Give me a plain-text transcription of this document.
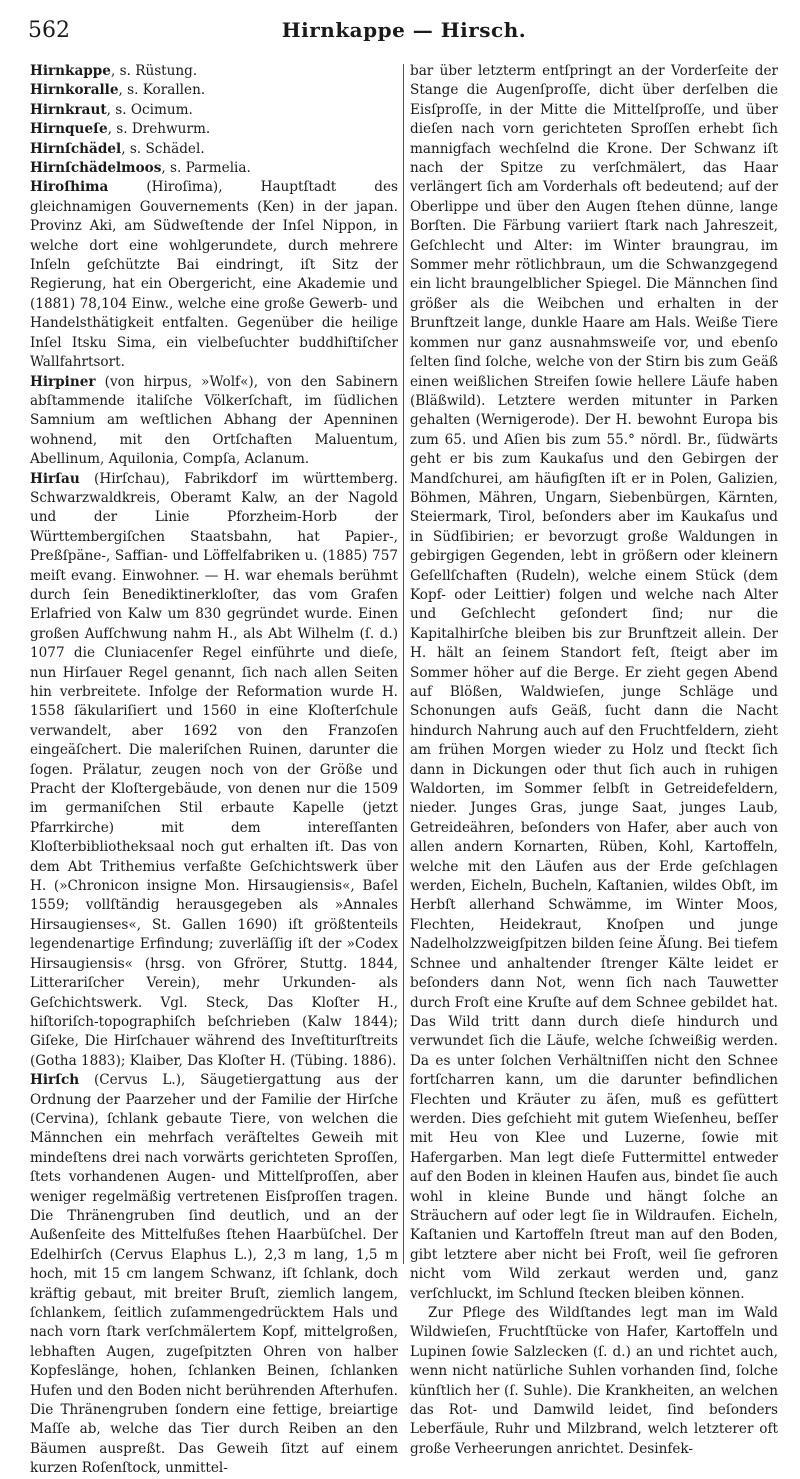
562	Hirnkappe — Hirsch.

Hirnkappe, s. Rüstung.

Hirnkoralle, s. Korallen.

Hirnkraut, s. Ocimum.

Hirnqueſe, s. Drehwurm.

Hirnſchädel, s. Schädel.

Hirnſchädelmoos, s. Parmelia.

Hiroſhima (Hiroſima), Hauptſtadt des gleichnamigen Gouvernements (Ken) in der japan. Provinz Aki, am Südweſtende der Inſel Nippon, in welche dort eine wohlgerundete, durch mehrere Inſeln geſchützte Bai eindringt, iſt Sitz der Regierung, hat ein Obergericht, eine Akademie und (1881) 78,104 Einw., welche eine große Gewerb- und Handelsthätigkeit entfalten. Gegenüber die heilige Inſel Itsku Sima, ein vielbeſuchter buddhiſtiſcher Wallfahrtsort.

Hirpiner (von hirpus, »Wolf«), von den Sabinern abſtammende italiſche Völkerſchaft, im ſüdlichen Samnium am weſtlichen Abhang der Apenninen wohnend, mit den Ortſchaften Maluentum, Abellinum, Aquilonia, Compſa, Aclanum.

Hirſau (Hirſchau), Fabrikdorf im württemberg. Schwarzwaldkreis, Oberamt Kalw, an der Nagold und der Linie Pforzheim-Horb der Württembergiſchen Staatsbahn, hat Papier-, Preßſpäne-, Saffian- und Löffelfabriken u. (1885) 757 meiſt evang. Einwohner. — H. war ehemals berühmt durch ſein Benediktinerkloſter, das vom Grafen Erlafried von Kalw um 830 gegründet wurde. Einen großen Aufſchwung nahm H., als Abt Wilhelm (ſ. d.) 1077 die Cluniacenſer Regel einführte und dieſe, nun Hirſauer Regel genannt, ſich nach allen Seiten hin verbreitete. Infolge der Reformation wurde H. 1558 ſäkulariſiert und 1560 in eine Kloſterſchule verwandelt, aber 1692 von den Franzoſen eingeäſchert. Die maleriſchen Ruinen, darunter die ſogen. Prälatur, zeugen noch von der Größe und Pracht der Kloſtergebäude, von denen nur die 1509 im germaniſchen Stil erbaute Kapelle (jetzt Pfarrkirche) mit dem intereſſanten Kloſterbibliotheksaal noch gut erhalten iſt. Das von dem Abt Trithemius verfaßte Geſchichtswerk über H. (»Chronicon insigne Mon. Hirsaugiensis«, Baſel 1559; vollſtändig herausgegeben als »Annales Hirsaugienses«, St. Gallen 1690) iſt größtenteils legendenartige Erfindung; zuverläſſig iſt der »Codex Hirsaugiensis« (hrsg. von Gfrörer, Stuttg. 1844, Litterariſcher Verein), mehr Urkunden- als Geſchichtswerk. Vgl. Steck, Das Kloſter H., hiſtoriſch-topographiſch beſchrieben (Kalw 1844); Giſeke, Die Hirſchauer während des Inveſtiturſtreits (Gotha 1883); Klaiber, Das Kloſter H. (Tübing. 1886).

Hirſch (Cervus L.), Säugetiergattung aus der Ordnung der Paarzeher und der Familie der Hirſche (Cervina), ſchlank gebaute Tiere, von welchen die Männchen ein mehrfach veräſteltes Geweih mit mindeſtens drei nach vorwärts gerichteten Sproſſen, ſtets vorhandenen Augen- und Mittelſproſſen, aber weniger regelmäßig vertretenen Eisſproſſen tragen. Die Thränengruben ſind deutlich, und an der Außenſeite des Mittelfußes ſtehen Haarbüſchel. Der Edelhirſch (Cervus Elaphus L.), 2,3 m lang, 1,5 m hoch, mit 15 cm langem Schwanz, iſt ſchlank, doch kräftig gebaut, mit breiter Bruſt, ziemlich langem, ſchlankem, ſeitlich zuſammengedrücktem Hals und nach vorn ſtark verſchmälertem Kopf, mittelgroßen, lebhaften Augen, zugeſpitzten Ohren von halber Kopfeslänge, hohen, ſchlanken Beinen, ſchlanken Hufen und den Boden nicht berührenden Afterhufen. Die Thränengruben ſondern eine fettige, breiartige Maſſe ab, welche das Tier durch Reiben an den Bäumen auspreßt. Das Geweih ſitzt auf einem kurzen Roſenſtock, unmittel-

bar über letzterm entſpringt an der Vorderſeite der Stange die Augenſproſſe, dicht über derſelben die Eisſproſſe, in der Mitte die Mittelſproſſe, und über dieſen nach vorn gerichteten Sproſſen erhebt ſich mannigfach wechſelnd die Krone. Der Schwanz iſt nach der Spitze zu verſchmälert, das Haar verlängert ſich am Vorderhals oft bedeutend; auf der Oberlippe und über den Augen ſtehen dünne, lange Borſten. Die Färbung variiert ſtark nach Jahreszeit, Geſchlecht und Alter: im Winter braungrau, im Sommer mehr rötlichbraun, um die Schwanzgegend ein licht braungelblicher Spiegel. Die Männchen ſind größer als die Weibchen und erhalten in der Brunftzeit lange, dunkle Haare am Hals. Weiße Tiere kommen nur ganz ausnahmsweiſe vor, und ebenſo ſelten ſind ſolche, welche von der Stirn bis zum Geäß einen weißlichen Streifen ſowie hellere Läufe haben (Bläßwild). Letztere werden mitunter in Parken gehalten (Wernigerode). Der H. bewohnt Europa bis zum 65. und Aſien bis zum 55.° nördl. Br., ſüdwärts geht er bis zum Kaukaſus und den Gebirgen der Mandſchurei, am häufigſten iſt er in Polen, Galizien, Böhmen, Mähren, Ungarn, Siebenbürgen, Kärnten, Steiermark, Tirol, beſonders aber im Kaukaſus und in Südſibirien; er bevorzugt große Waldungen in gebirgigen Gegenden, lebt in größern oder kleinern Geſellſchaften (Rudeln), welche einem Stück (dem Kopf- oder Leittier) folgen und welche nach Alter und Geſchlecht geſondert ſind; nur die Kapitalhirſche bleiben bis zur Brunftzeit allein. Der H. hält an ſeinem Standort feſt, ſteigt aber im Sommer höher auf die Berge. Er zieht gegen Abend auf Blößen, Waldwieſen, junge Schläge und Schonungen aufs Geäß, ſucht dann die Nacht hindurch Nahrung auch auf den Fruchtfeldern, zieht am frühen Morgen wieder zu Holz und ſteckt ſich dann in Dickungen oder thut ſich auch in ruhigen Waldorten, im Sommer ſelbſt in Getreidefeldern, nieder. Junges Gras, junge Saat, junges Laub, Getreideähren, beſonders von Hafer, aber auch von allen andern Kornarten, Rüben, Kohl, Kartoffeln, welche mit den Läufen aus der Erde geſchlagen werden, Eicheln, Bucheln, Kaſtanien, wildes Obſt, im Herbſt allerhand Schwämme, im Winter Moos, Flechten, Heidekraut, Knoſpen und junge Nadelholzzweigſpitzen bilden ſeine Äſung. Bei tiefem Schnee und anhaltender ſtrenger Kälte leidet er beſonders dann Not, wenn ſich nach Tauwetter durch Froſt eine Kruſte auf dem Schnee gebildet hat. Das Wild tritt dann durch dieſe hindurch und verwundet ſich die Läufe, welche ſchweißig werden. Da es unter ſolchen Verhältniſſen nicht den Schnee fortſcharren kann, um die darunter befindlichen Flechten und Kräuter zu äſen, muß es gefüttert werden. Dies geſchieht mit gutem Wieſenheu, beſſer mit Heu von Klee und Luzerne, ſowie mit Hafergarben. Man legt dieſe Futtermittel entweder auf den Boden in kleinen Haufen aus, bindet ſie auch wohl in kleine Bunde und hängt ſolche an Sträuchern auf oder legt ſie in Wildraufen. Eicheln, Kaſtanien und Kartoffeln ſtreut man auf den Boden, gibt letztere aber nicht bei Froſt, weil ſie gefroren nicht vom Wild zerkaut werden und, ganz verſchluckt, im Schlund ſtecken bleiben können.

Zur Pflege des Wildſtandes legt man im Wald Wildwieſen, Fruchtſtücke von Hafer, Kartoffeln und Lupinen ſowie Salzlecken (ſ. d.) an und richtet auch, wenn nicht natürliche Suhlen vorhanden ſind, ſolche künſtlich her (ſ. Suhle). Die Krankheiten, an welchen das Rot- und Damwild leidet, ſind beſonders Leberfäule, Ruhr und Milzbrand, welch letzterer oft große Verheerungen anrichtet. Desinfek-
